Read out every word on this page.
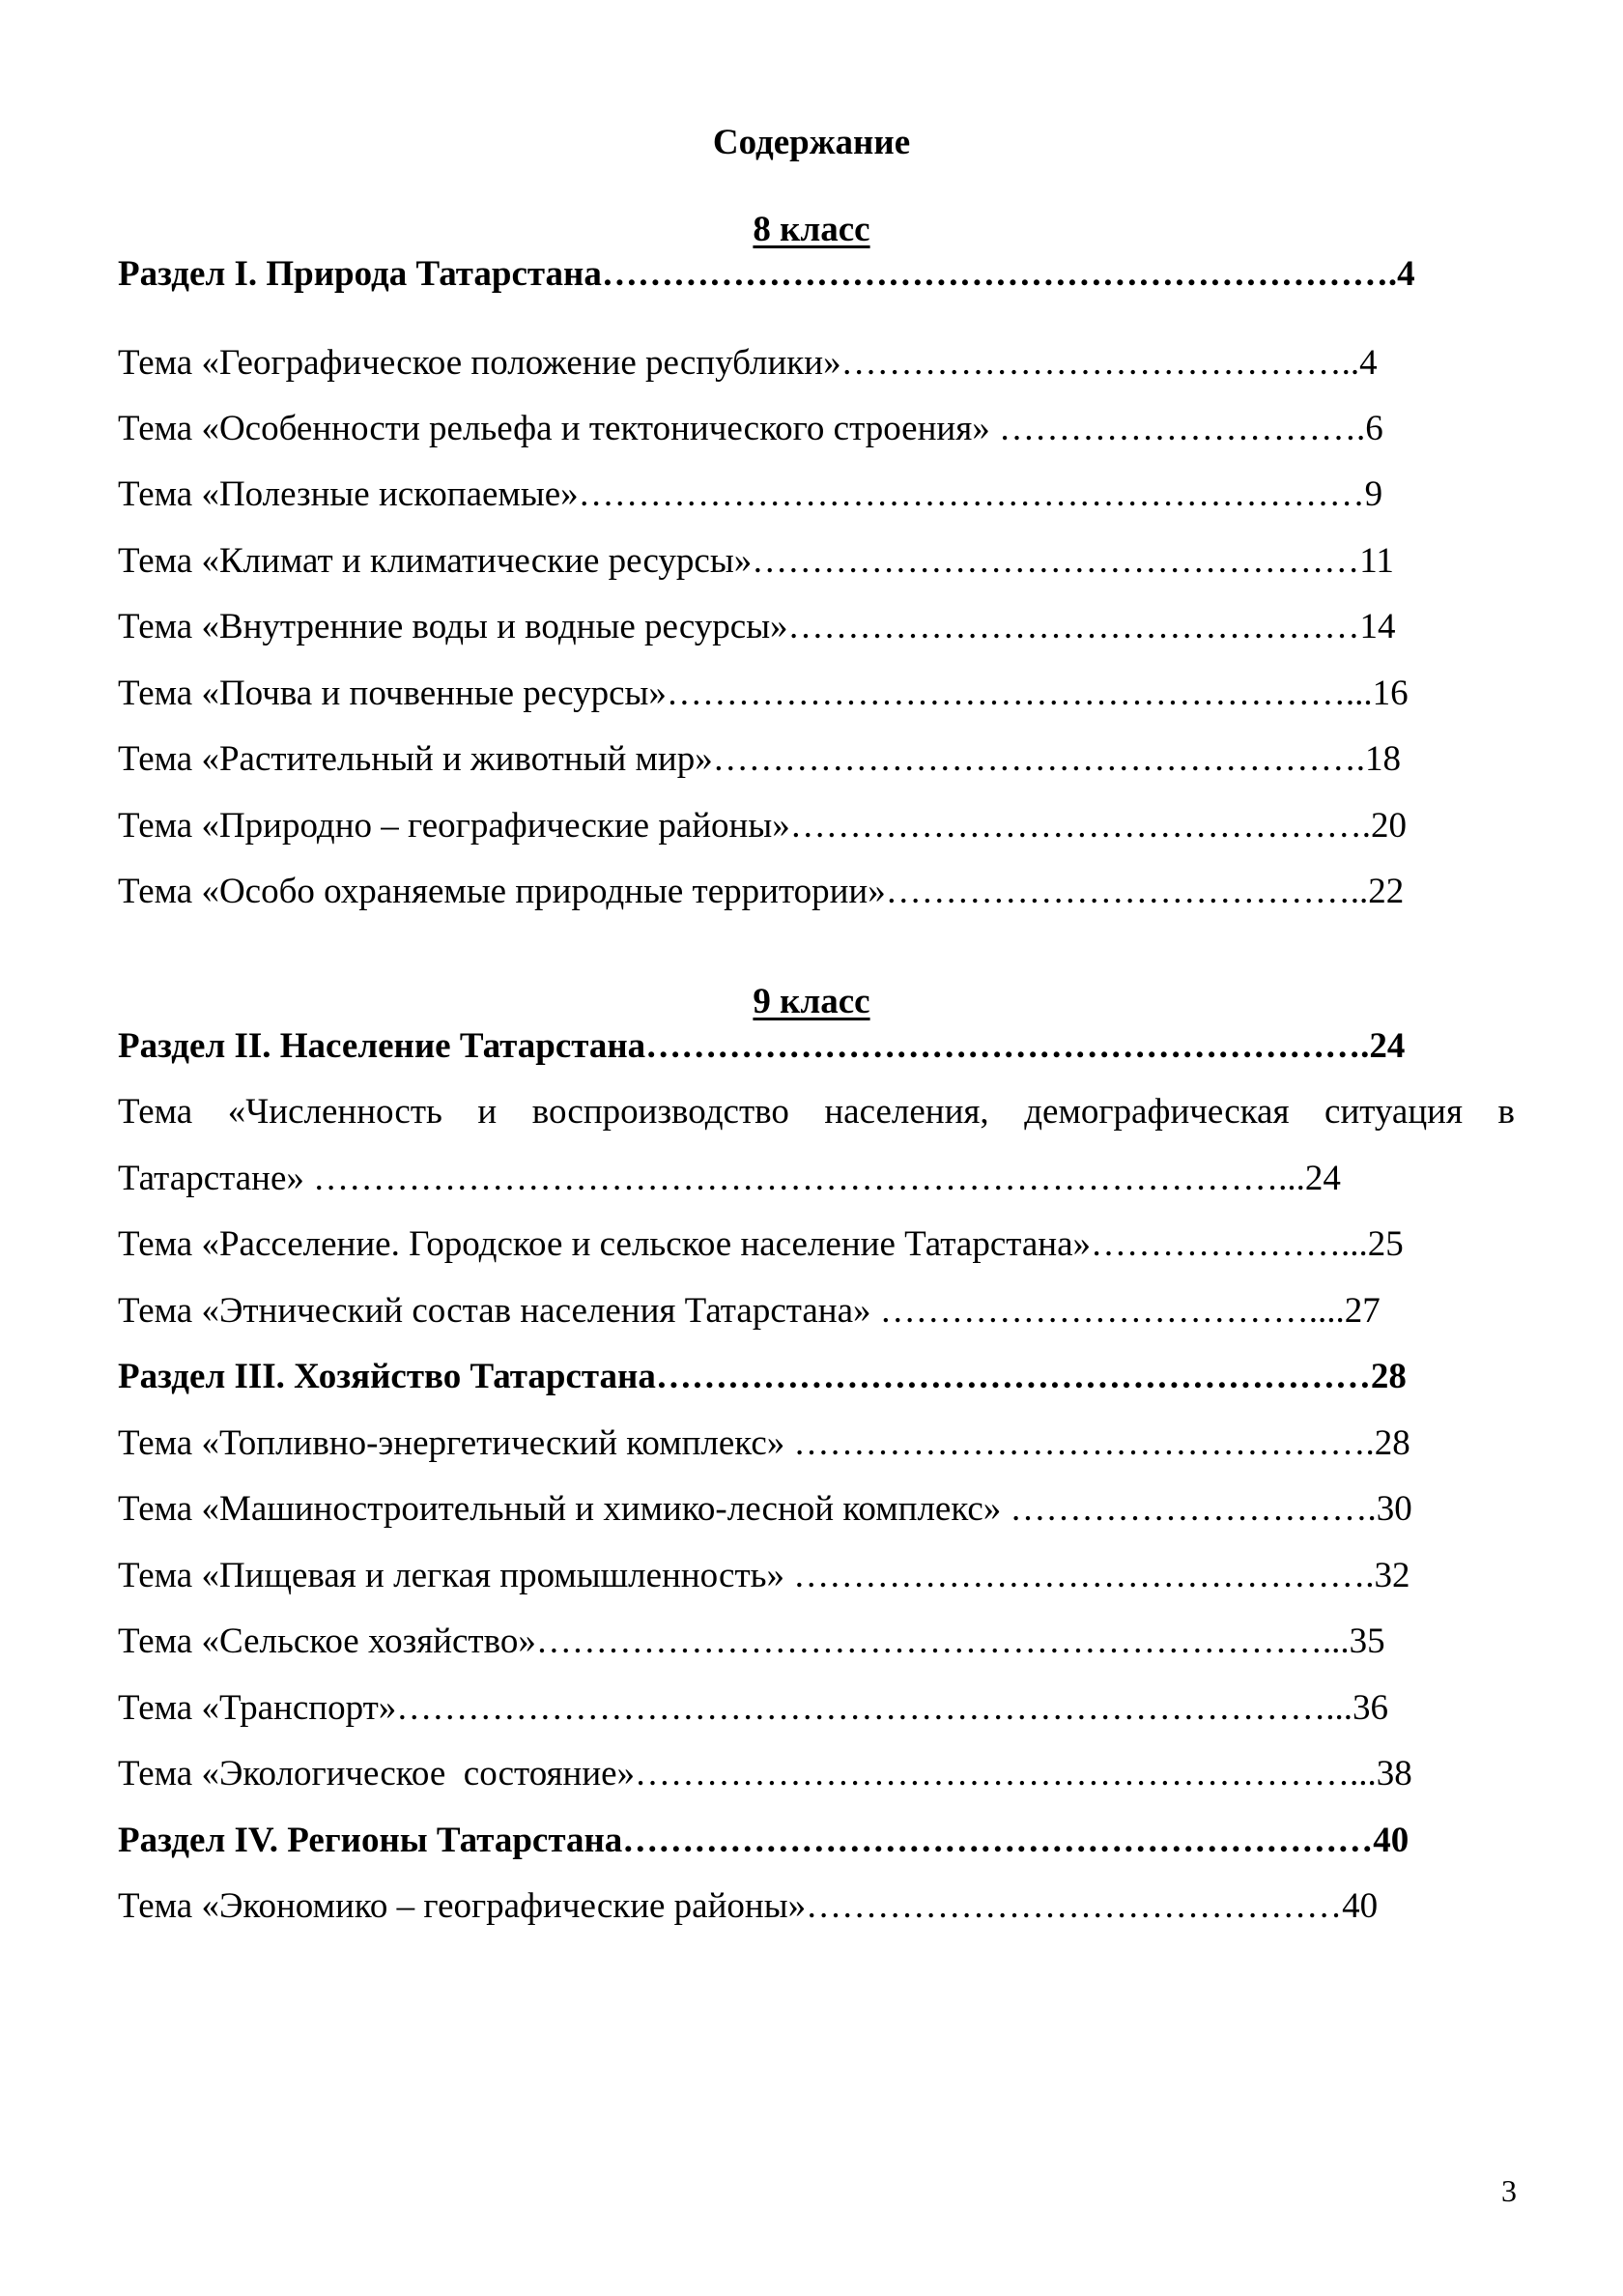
Содержание
8 класс
Раздел I. Природа Татарстана………………………………………………………….4
Тема «Географическое положение республики»……………………………………..4
Тема «Особенности рельефа и тектонического строения» ………………………….6
Тема «Полезные ископаемые»…………………………………………………………9
Тема «Климат и климатические ресурсы»……………………………………………11
Тема «Внутренние воды и водные ресурсы»…………………………………………14
Тема «Почва и почвенные ресурсы»…………………………………………………...16
Тема «Растительный и животный мир»……………………………………………….18
Тема «Природно – географические районы»………………………………………….20
Тема «Особо охраняемые природные территории»…………………………………..22
9 класс
Раздел II. Население Татарстана…………………………………………………….24
Тема «Численность и воспроизводство населения, демографическая ситуация в
Татарстане» ………………………………………………………………………...24
Тема «Расселение. Городское и сельское население Татарстана»…………………...25
Тема «Этнический состав населения Татарстана» ………………………………....27
Раздел III. Хозяйство Татарстана……………………………………………………28
Тема «Топливно-энергетический комплекс» ………………………………………….28
Тема «Машиностроительный и химико-лесной комплекс» ………………………….30
Тема «Пищевая и легкая промышленность» ………………………………………….32
Тема «Сельское хозяйство»…………………………………………………………...35
Тема «Транспорт»……………………………………………………………………...36
Тема «Экологическое  состояние»……………………………………………………...38
Раздел IV. Регионы Татарстана………………………………………………………40
Тема «Экономико – географические районы»………………………………………40
3
